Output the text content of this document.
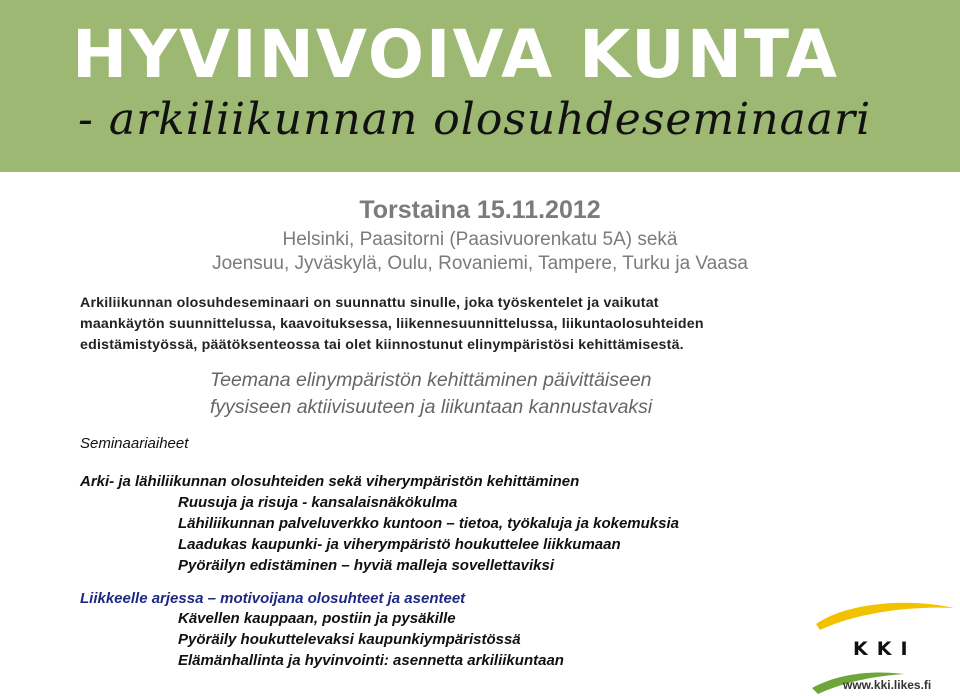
HYVINVOIVA KUNTA
- arkiliikunnan olosuhdeseminaari
Torstaina 15.11.2012
Helsinki, Paasitorni (Paasivuorenkatu 5A) sekä
Joensuu, Jyväskylä, Oulu, Rovaniemi, Tampere, Turku ja Vaasa
Arkiliikunnan olosuhdeseminaari on suunnattu sinulle, joka työskentelet ja vaikutat
maankäytön suunnittelussa, kaavoituksessa, liikennesuunnittelussa, liikuntaolosuhteiden
edistämistyössä, päätöksenteossa tai olet kiinnostunut elinympäristösi kehittämisestä.
Teemana elinympäristön kehittäminen päivittäiseen
fyysiseen aktiivisuuteen ja liikuntaan kannustavaksi
Seminaariaiheet
Arki- ja lähiliikunnan olosuhteiden sekä viherympäristön kehittäminen
Ruusuja ja risuja - kansalaisnäkökulma
Lähiliikunnan palveluverkko kuntoon – tietoa, työkaluja ja kokemuksia
Laadukas kaupunki- ja viherympäristö houkuttelee liikkumaan
Pyöräilyn edistäminen – hyviä malleja sovellettaviksi
Liikkeelle arjessa – motivoijana olosuhteet ja asenteet
Kävellen kauppaan, postiin ja pysäkille
Pyöräily houkuttelevaksi kaupunkiympäristössä
Elämänhallinta ja hyvinvointi: asennetta arkiliikuntaan
KKI
www.kki.likes.fi
